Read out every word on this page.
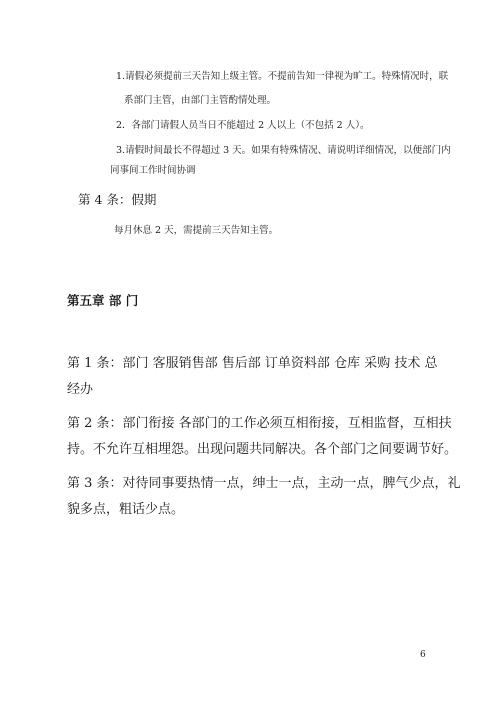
1.请假必须提前三天告知上级主管。不提前告知一律视为旷工。特殊情况时，联
系部门主管，由部门主管酌情处理。
2．各部门请假人员当日不能超过 2 人以上（不包括 2 人）。
3.请假时间最长不得超过 3 天。如果有特殊情况、请说明详细情况，以便部门内
同事间工作时间协调
第 4 条：假期
每月休息 2 天，需提前三天告知主管。
第五章 部 门
第 1 条：部门 客服销售部 售后部 订单资料部 仓库 采购 技术 总
经办
第 2 条：部门衔接 各部门的工作必须互相衔接，互相监督，互相扶
持。不允许互相埋怨。出现问题共同解决。各个部门之间要调节好。
第 3 条：对待同事要热情一点，绅士一点，主动一点，脾气少点，礼
貌多点，粗话少点。
6
